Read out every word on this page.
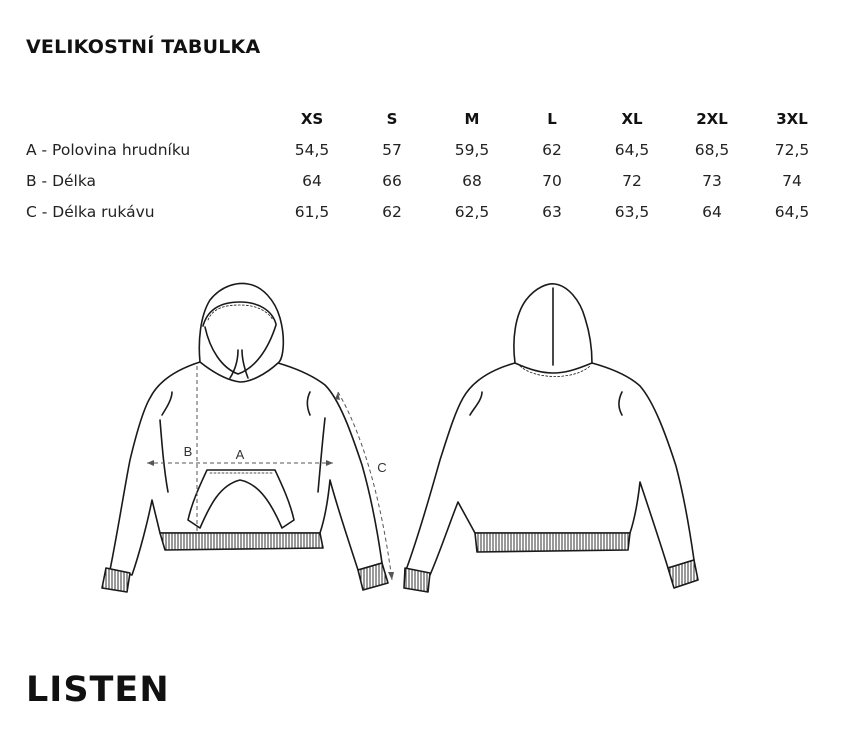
VELIKOSTNÍ TABULKA
	XS	S	M	L	XL	2XL	3XL
A - Polovina hrudníku	54,5	57	59,5	62	64,5	68,5	72,5
B - Délka	64	66	68	70	72	73	74
C - Délka rukávu	61,5	62	62,5	63	63,5	64	64,5
A
B
C
LISTEN
